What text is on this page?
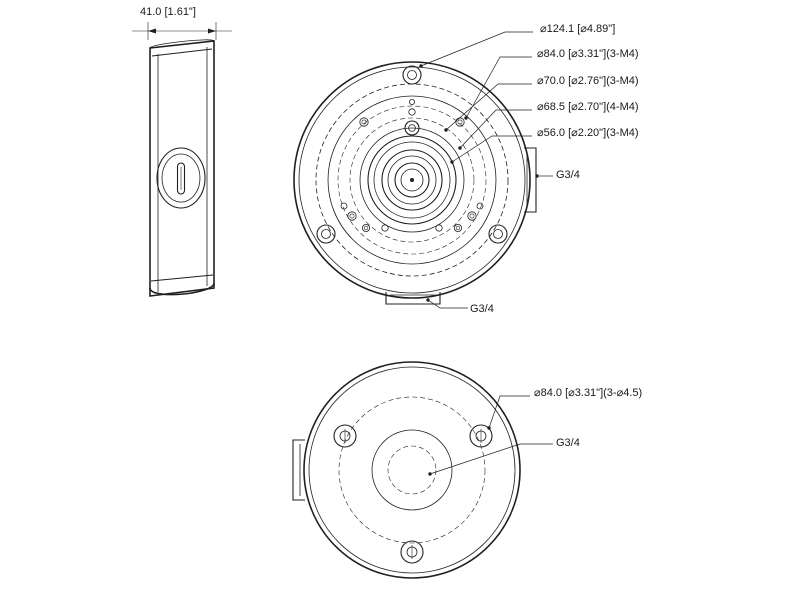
41.0 [1.61"]
⌀124.1 [⌀4.89"]
⌀84.0 [⌀3.31"](3-M4)
⌀70.0 [⌀2.76"](3-M4)
⌀68.5 [⌀2.70"](4-M4)
⌀56.0 [⌀2.20"](3-M4)
G3/4
G3/4
⌀84.0 [⌀3.31"](3-⌀4.5)
G3/4
